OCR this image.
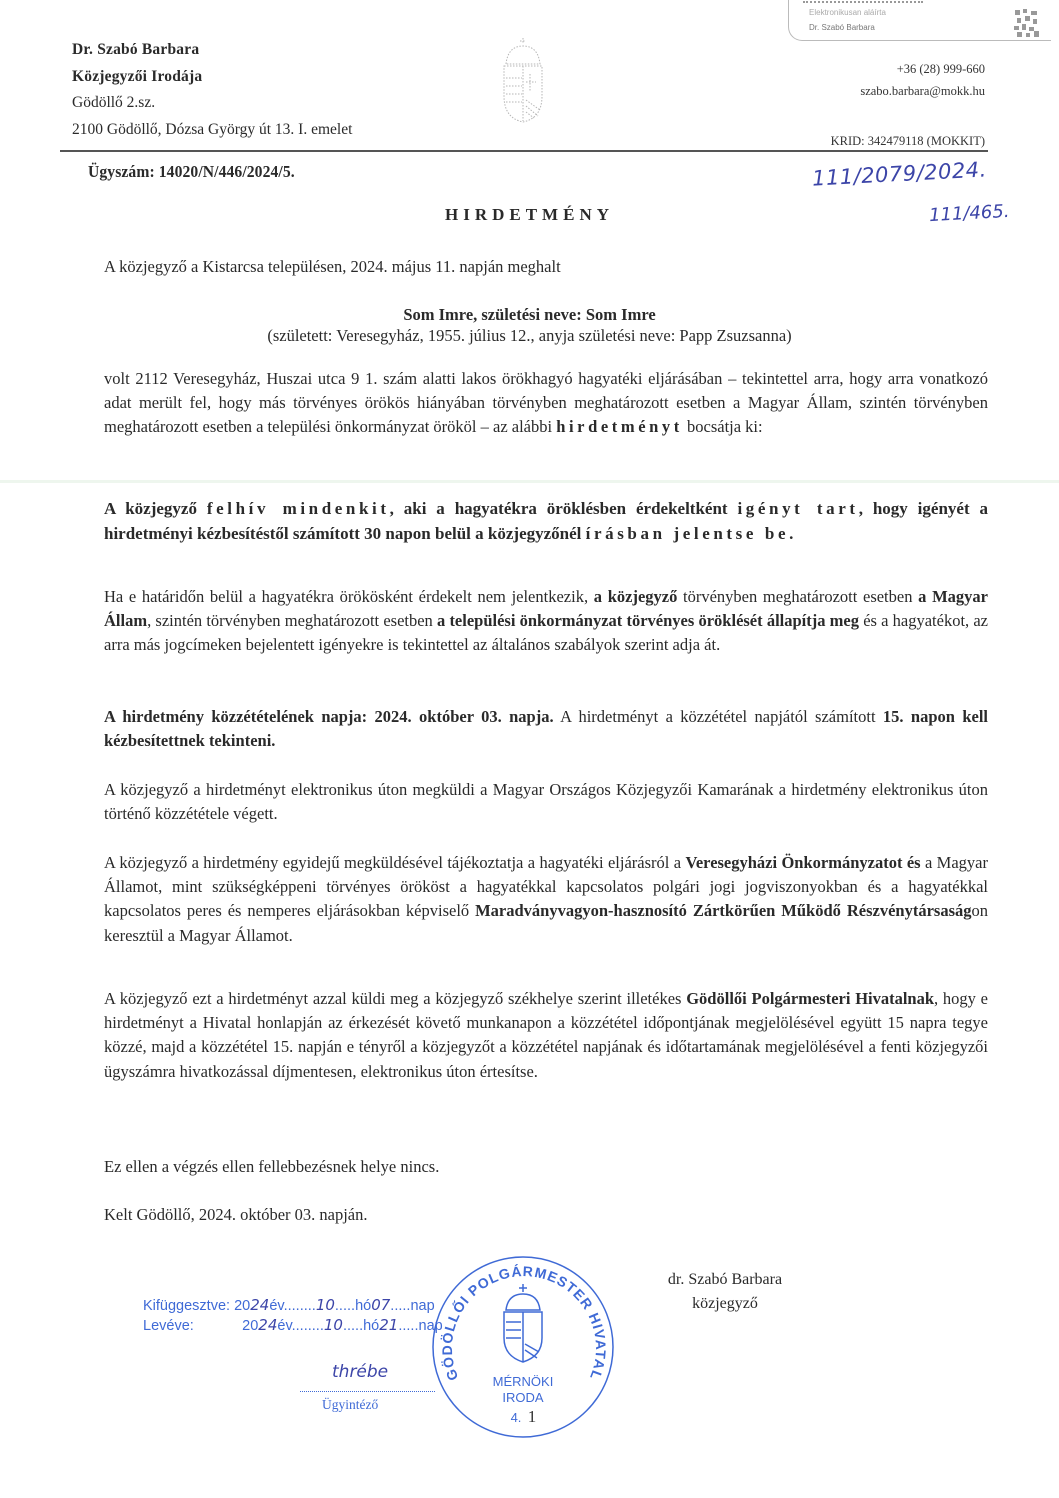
Dr. Szabó Barbara
Közjegyzői Irodája
Gödöllő 2.sz.
2100 Gödöllő, Dózsa György út 13. I. emelet
Elektronikusan aláírta
Dr. Szabó Barbara
+36 (28) 999-660
szabo.barbara@mokk.hu
KRID: 342479118 (MOKKIT)
Ügyszám: 14020/N/446/2024/5.	111/2079/2024.
111/465.
HIRDETMÉNY
A közjegyző a Kistarcsa településen, 2024. május 11. napján meghalt
Som Imre, születési neve: Som Imre
(született: Veresegyház, 1955. július 12., anyja születési neve: Papp Zsuzsanna)
volt 2112 Veresegyház, Huszai utca 9 1. szám alatti lakos örökhagyó hagyatéki eljárásában – tekintettel arra, hogy arra vonatkozó adat merült fel, hogy más törvényes örökös hiányában törvényben meghatározott esetben a Magyar Állam, szintén törvényben meghatározott esetben a települési önkormányzat örököl – az alábbi hirdetményt bocsátja ki:
A közjegyző felhív mindenkit, aki a hagyatékra öröklésben érdekeltként igényt tart, hogy igényét a hirdetményi kézbesítéstől számított 30 napon belül a közjegyzőnél írásban jelentse be.
Ha e határidőn belül a hagyatékra örökösként érdekelt nem jelentkezik, a közjegyző törvényben meghatározott esetben a Magyar Állam, szintén törvényben meghatározott esetben a települési önkormányzat törvényes öröklését állapítja meg és a hagyatékot, az arra más jogcímeken bejelentett igényekre is tekintettel az általános szabályok szerint adja át.
A hirdetmény közzétételének napja: 2024. október 03. napja. A hirdetményt a közzététel napjától számított 15. napon kell kézbesítettnek tekinteni.
A közjegyző a hirdetményt elektronikus úton megküldi a Magyar Országos Közjegyzői Kamarának a hirdetmény elektronikus úton történő közzététele végett.
A közjegyző a hirdetmény egyidejű megküldésével tájékoztatja a hagyatéki eljárásról a Veresegyházi Önkormányzatot és a Magyar Államot, mint szükségképpeni törvényes örököst a hagyatékkal kapcsolatos polgári jogi jogviszonyokban és a hagyatékkal kapcsolatos peres és nemperes eljárásokban képviselő Maradványvagyon-hasznosító Zártkörűen Működő Részvénytársaságon keresztül a Magyar Államot.
A közjegyző ezt a hirdetményt azzal küldi meg a közjegyző székhelye szerint illetékes Gödöllői Polgármesteri Hivatalnak, hogy e hirdetményt a Hivatal honlapján az érkezését követő munkanapon a közzététel időpontjának megjelölésével együtt 15 napra tegye közzé, majd a közzététel 15. napján e tényről a közjegyzőt a közzététel napjának és időtartamának megjelölésével a fenti közjegyzői ügyszámra hivatkozással díjmentesen, elektronikus úton értesítse.
Ez ellen a végzés ellen fellebbezésnek helye nincs.
Kelt Gödöllő, 2024. október 03. napján.
dr. Szabó Barbara
közjegyző
Kifüggesztve: 2024év........10.....hó07.....nap
Levéve:	2024év........10.....hó21.....nap
thrébe
Ügyintéző
GÖDÖLLŐI POLGÁRMESTER HIVATAL
MÉRNÖKI
IRODA
4. 1
